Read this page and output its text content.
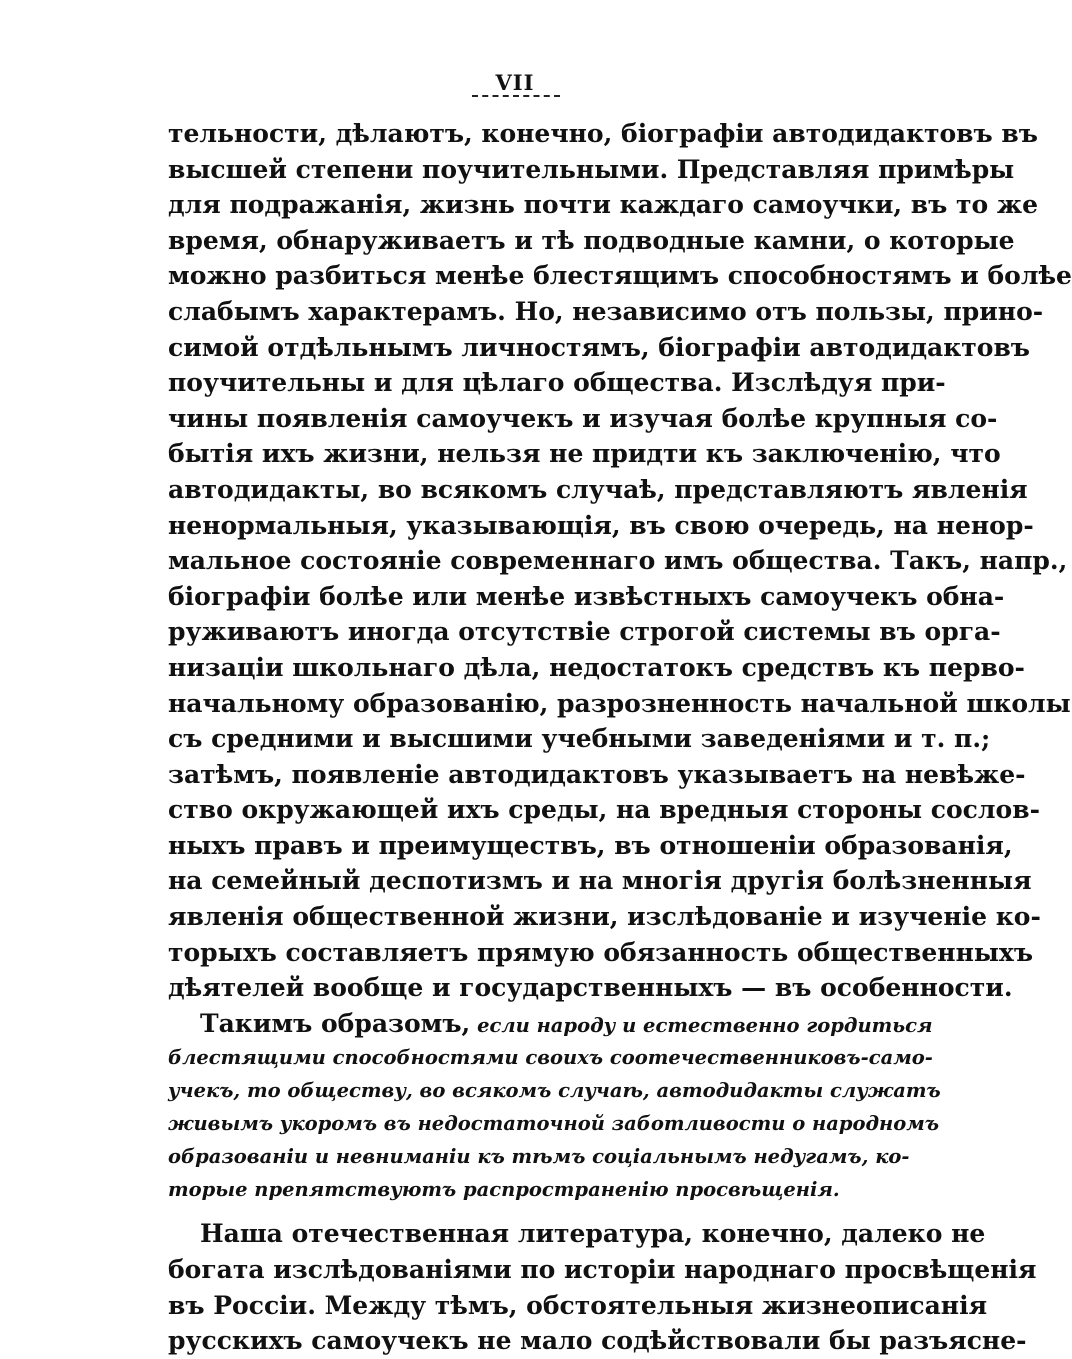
VII
тельности, дѣлаютъ, конечно, біографіи автодидактовъ въ
высшей степени поучительными. Представляя примѣры
для подражанія, жизнь почти каждаго самоучки, въ то же
время, обнаруживаетъ и тѣ подводные камни, о которые
можно разбиться менѣе блестящимъ способностямъ и болѣе
слабымъ характерамъ. Но, независимо отъ пользы, прино-
симой отдѣльнымъ личностямъ, біографіи автодидактовъ
поучительны и для цѣлаго общества. Изслѣдуя при-
чины появленія самоучекъ и изучая болѣе крупныя со-
бытія ихъ жизни, нельзя не придти къ заключенію, что
автодидакты, во всякомъ случаѣ, представляютъ явленія
ненормальныя, указывающія, въ свою очередь, на ненор-
мальное состояніе современнаго имъ общества. Такъ, напр.,
біографіи болѣе или менѣе извѣстныхъ самоучекъ обна-
руживаютъ иногда отсутствіе строгой системы въ орга-
низаціи школьнаго дѣла, недостатокъ средствъ къ перво-
начальному образованію, разрозненность начальной школы
съ средними и высшими учебными заведеніями и т. п.;
затѣмъ, появленіе автодидактовъ указываетъ на невѣже-
ство окружающей ихъ среды, на вредныя стороны сослов-
ныхъ правъ и преимуществъ, въ отношеніи образованія,
на семейный деспотизмъ и на многія другія болѣзненныя
явленія общественной жизни, изслѣдованіе и изученіе ко-
торыхъ составляетъ прямую обязанность общественныхъ
дѣятелей вообще и государственныхъ — въ особенности.
Такимъ образомъ, если народу и естественно гордиться
блестящими способностями своихъ соотечественниковъ-само-
учекъ, то обществу, во всякомъ случаѣ, автодидакты служатъ
живымъ укоромъ въ недостаточной заботливости о народномъ
образованіи и невниманіи къ тѣмъ соціальнымъ недугамъ, ко-
торые препятствуютъ распространенію просвѣщенія.
Наша отечественная литература, конечно, далеко не
богата изслѣдованіями по исторіи народнаго просвѣщенія
въ Россіи. Между тѣмъ, обстоятельныя жизнеописанія
русскихъ самоучекъ не мало содѣйствовали бы разъясне-
